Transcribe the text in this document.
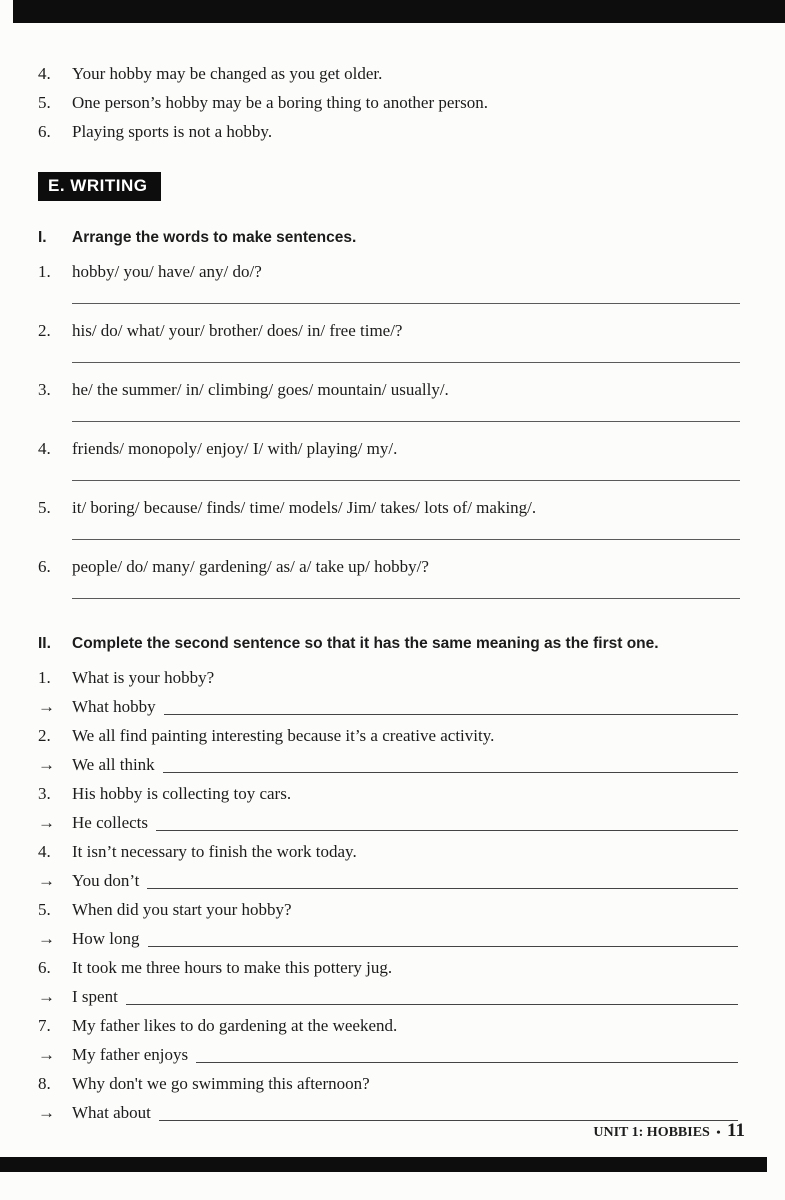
4.	Your hobby may be changed as you get older.
5.	One person’s hobby may be a boring thing to another person.
6.	Playing sports is not a hobby.
E. WRITING
I.	Arrange the words to make sentences.
1.	hobby/ you/ have/ any/ do/?
2.	his/ do/ what/ your/ brother/ does/ in/ free time/?
3.	he/ the summer/ in/ climbing/ goes/ mountain/ usually/.
4.	friends/ monopoly/ enjoy/ I/ with/ playing/ my/.
5.	it/ boring/ because/ finds/ time/ models/ Jim/ takes/ lots of/ making/.
6.	people/ do/ many/ gardening/ as/ a/ take up/ hobby/?
II.	Complete the second sentence so that it has the same meaning as the first one.
1.	What is your hobby?
→	What hobby
2.	We all find painting interesting because it’s a creative activity.
→	We all think
3.	His hobby is collecting toy cars.
→	He collects
4.	It isn’t necessary to finish the work today.
→	You don’t
5.	When did you start your hobby?
→	How long
6.	It took me three hours to make this pottery jug.
→	I spent
7.	My father likes to do gardening at the weekend.
→	My father enjoys
8.	Why don't we go swimming this afternoon?
→	What about
UNIT 1: HOBBIES • 11
